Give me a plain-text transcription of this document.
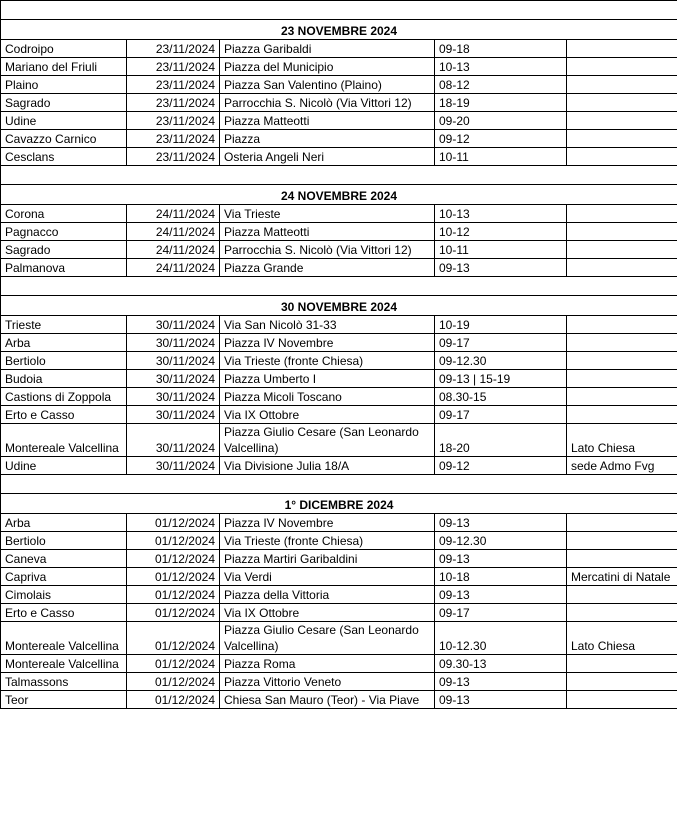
23 NOVEMBRE 2024				
Codroipo	23/11/2024	Piazza Garibaldi	09-18	
Mariano del Friuli	23/11/2024	Piazza del Municipio	10-13	
Plaino	23/11/2024	Piazza San Valentino (Plaino)	08-12	
Sagrado	23/11/2024	Parrocchia S. Nicolò (Via Vittori 12)	18-19	
Udine	23/11/2024	Piazza Matteotti	09-20	
Cavazzo Carnico	23/11/2024	Piazza	09-12	
Cesclans	23/11/2024	Osteria Angeli Neri	10-11	

24 NOVEMBRE 2024				
Corona	24/11/2024	Via Trieste	10-13	
Pagnacco	24/11/2024	Piazza Matteotti	10-12	
Sagrado	24/11/2024	Parrocchia S. Nicolò (Via Vittori 12)	10-11	
Palmanova	24/11/2024	Piazza Grande	09-13	

30 NOVEMBRE 2024				
Trieste	30/11/2024	Via San Nicolò 31-33	10-19	
Arba	30/11/2024	Piazza IV Novembre	09-17	
Bertiolo	30/11/2024	Via Trieste (fronte Chiesa)	09-12.30	
Budoia	30/11/2024	Piazza Umberto I	09-13 | 15-19	
Castions di Zoppola	30/11/2024	Piazza Micoli Toscano	08.30-15	
Erto e Casso	30/11/2024	Via IX Ottobre	09-17	
Montereale Valcellina	30/11/2024	Piazza Giulio Cesare (San Leonardo Valcellina)	18-20	Lato Chiesa
Udine	30/11/2024	Via Divisione Julia 18/A	09-12	sede Admo Fvg

1° DICEMBRE 2024				
Arba	01/12/2024	Piazza IV Novembre	09-13	
Bertiolo	01/12/2024	Via Trieste (fronte Chiesa)	09-12.30	
Caneva	01/12/2024	Piazza Martiri Garibaldini	09-13	
Capriva	01/12/2024	Via Verdi	10-18	Mercatini di Natale
Cimolais	01/12/2024	Piazza della Vittoria	09-13	
Erto e Casso	01/12/2024	Via IX Ottobre	09-17	
Montereale Valcellina	01/12/2024	Piazza Giulio Cesare (San Leonardo Valcellina)	10-12.30	Lato Chiesa
Montereale Valcellina	01/12/2024	Piazza Roma	09.30-13	
Talmassons	01/12/2024	Piazza Vittorio Veneto	09-13	
Teor	01/12/2024	Chiesa San Mauro (Teor) - Via Piave	09-13	
